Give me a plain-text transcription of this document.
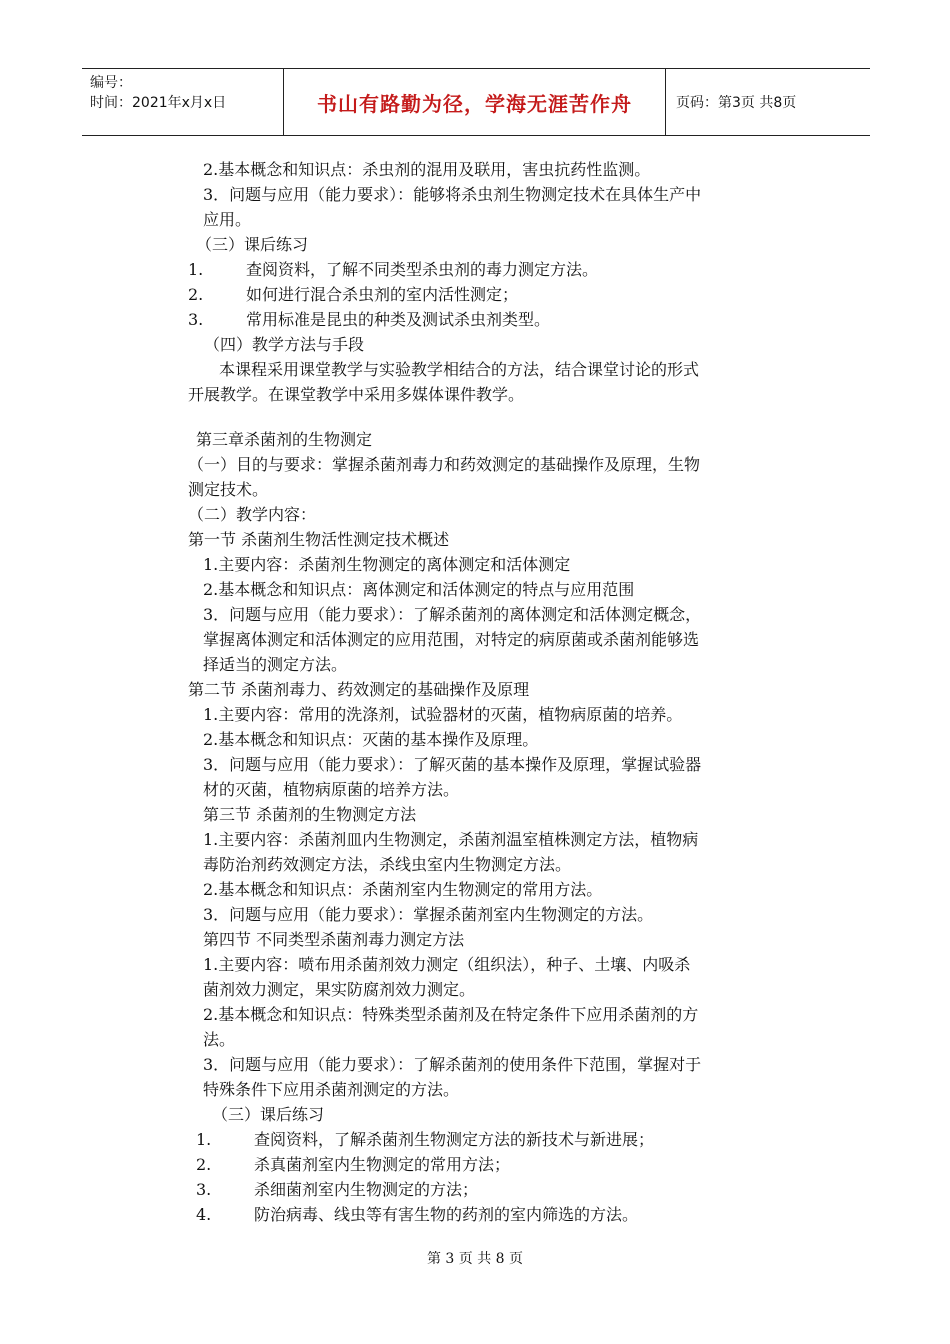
编号：
时间：2021年x月x日	书山有路勤为径，学海无涯苦作舟	页码：第3页 共8页

2.基本概念和知识点：杀虫剂的混用及联用，害虫抗药性监测。

3．问题与应用（能力要求）：能够将杀虫剂生物测定技术在具体生产中

应用。

（三）课后练习

1.	查阅资料，了解不同类型杀虫剂的毒力测定方法。

2.	如何进行混合杀虫剂的室内活性测定；

3.	常用标准是昆虫的种类及测试杀虫剂类型。

（四）教学方法与手段

本课程采用课堂教学与实验教学相结合的方法，结合课堂讨论的形式

开展教学。在课堂教学中采用多媒体课件教学。

第三章杀菌剂的生物测定

（一）目的与要求：掌握杀菌剂毒力和药效测定的基础操作及原理，生物

测定技术。

（二）教学内容：

第一节 杀菌剂生物活性测定技术概述

1.主要内容：杀菌剂生物测定的离体测定和活体测定

2.基本概念和知识点：离体测定和活体测定的特点与应用范围

3．问题与应用（能力要求）：了解杀菌剂的离体测定和活体测定概念，

掌握离体测定和活体测定的应用范围，对特定的病原菌或杀菌剂能够选

择适当的测定方法。

第二节 杀菌剂毒力、药效测定的基础操作及原理

1.主要内容：常用的洗涤剂，试验器材的灭菌，植物病原菌的培养。

2.基本概念和知识点：灭菌的基本操作及原理。

3．问题与应用（能力要求）：了解灭菌的基本操作及原理，掌握试验器

材的灭菌，植物病原菌的培养方法。

第三节 杀菌剂的生物测定方法

1.主要内容：杀菌剂皿内生物测定，杀菌剂温室植株测定方法，植物病

毒防治剂药效测定方法，杀线虫室内生物测定方法。

2.基本概念和知识点：杀菌剂室内生物测定的常用方法。

3．问题与应用（能力要求）：掌握杀菌剂室内生物测定的方法。

第四节 不同类型杀菌剂毒力测定方法

1.主要内容：喷布用杀菌剂效力测定（组织法），种子、土壤、内吸杀

菌剂效力测定，果实防腐剂效力测定。

2.基本概念和知识点：特殊类型杀菌剂及在特定条件下应用杀菌剂的方

法。

3．问题与应用（能力要求）：了解杀菌剂的使用条件下范围，掌握对于

特殊条件下应用杀菌剂测定的方法。

（三）课后练习

1.	查阅资料，了解杀菌剂生物测定方法的新技术与新进展；

2.	杀真菌剂室内生物测定的常用方法；

3.	杀细菌剂室内生物测定的方法；

4.	防治病毒、线虫等有害生物的药剂的室内筛选的方法。

第 3 页 共 8 页
